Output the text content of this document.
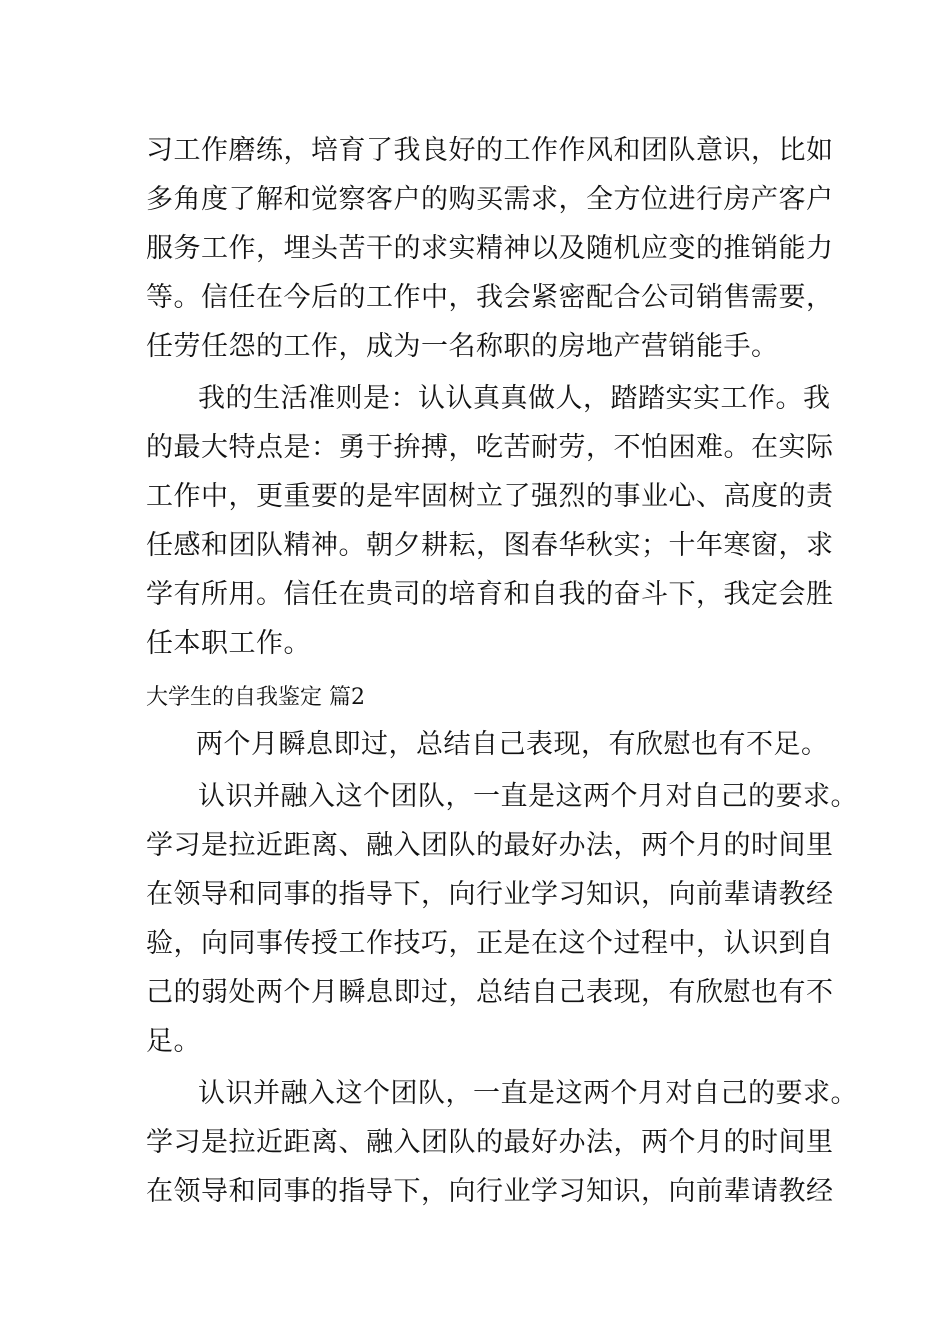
习工作磨练，培育了我良好的工作作风和团队意识，比如
多角度了解和觉察客户的购买需求，全方位进行房产客户
服务工作，埋头苦干的求实精神以及随机应变的推销能力
等。信任在今后的工作中，我会紧密配合公司销售需要，
任劳任怨的工作，成为一名称职的房地产营销能手。
我的生活准则是：认认真真做人，踏踏实实工作。我
的最大特点是：勇于拚搏，吃苦耐劳，不怕困难。在实际
工作中，更重要的是牢固树立了强烈的事业心、高度的责
任感和团队精神。朝夕耕耘，图春华秋实；十年寒窗，求
学有所用。信任在贵司的培育和自我的奋斗下，我定会胜
任本职工作。
大学生的自我鉴定 篇2
两个月瞬息即过，总结自己表现，有欣慰也有不足。
认识并融入这个团队，一直是这两个月对自己的要求。
学习是拉近距离、融入团队的最好办法，两个月的时间里
在领导和同事的指导下，向行业学习知识，向前辈请教经
验，向同事传授工作技巧，正是在这个过程中，认识到自
己的弱处两个月瞬息即过，总结自己表现，有欣慰也有不
足。
认识并融入这个团队，一直是这两个月对自己的要求。
学习是拉近距离、融入团队的最好办法，两个月的时间里
在领导和同事的指导下，向行业学习知识，向前辈请教经
